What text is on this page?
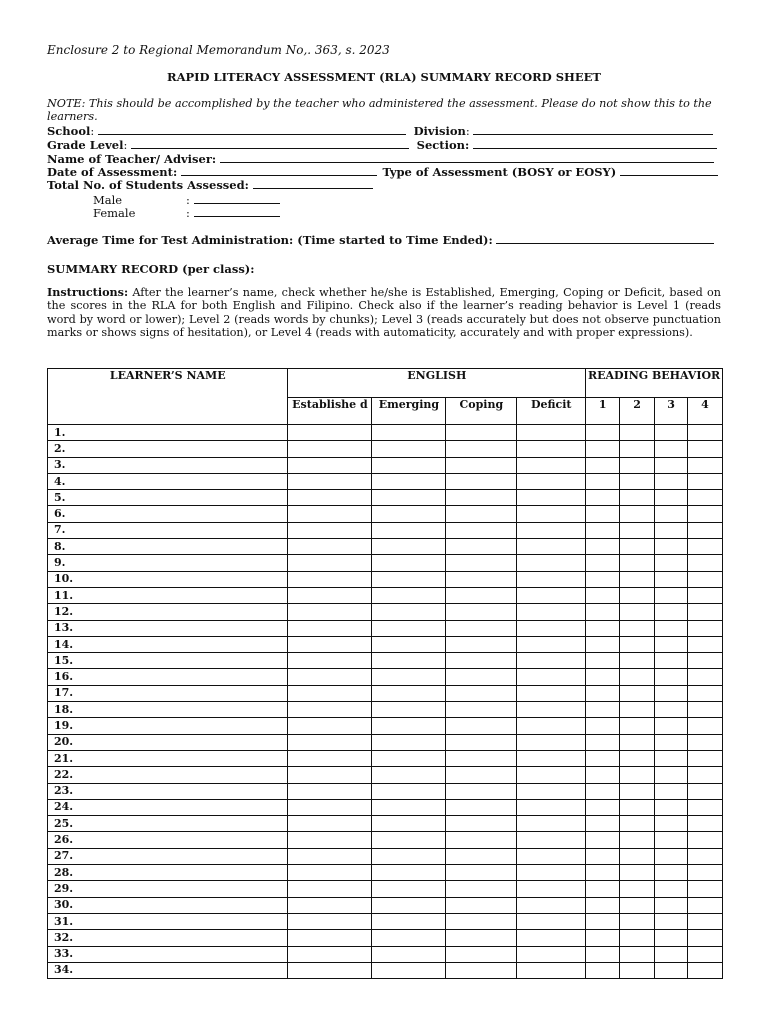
Enclosure 2 to Regional Memorandum No,. 363, s. 2023
RAPID LITERACY ASSESSMENT (RLA) SUMMARY RECORD SHEET
NOTE: This should be accomplished by the teacher who administered the assessment. Please do not show this to the learners.
School:	Division:
Grade Level:	Section:
Name of Teacher/ Adviser:
Date of Assessment:	Type of Assessment (BOSY or EOSY)
Total No. of Students Assessed:
Male	:
Female	:
Average Time for Test Administration: (Time started to Time Ended):
SUMMARY RECORD (per class):
Instructions: After the learner’s name, check whether he/she is Established, Emerging, Coping or Deficit, based on the scores in the RLA for both English and Filipino. Check also if the learner’s reading behavior is Level 1 (reads word by word or lower); Level 2 (reads words by chunks); Level 3 (reads accurately but does not observe punctuation marks or shows signs of hesitation), or Level 4 (reads with automaticity, accurately and with proper expressions).
LEARNER’S NAME	ENGLISH				READING BEHAVIOR			
	Establishe d	Emerging	Coping	Deficit	1	2	3	4
1.								
2.								
3.								
4.								
5.								
6.								
7.								
8.								
9.								
10.								
11.								
12.								
13.								
14.								
15.								
16.								
17.								
18.								
19.								
20.								
21.								
22.								
23.								
24.								
25.								
26.								
27.								
28.								
29.								
30.								
31.								
32.								
33.								
34.								
